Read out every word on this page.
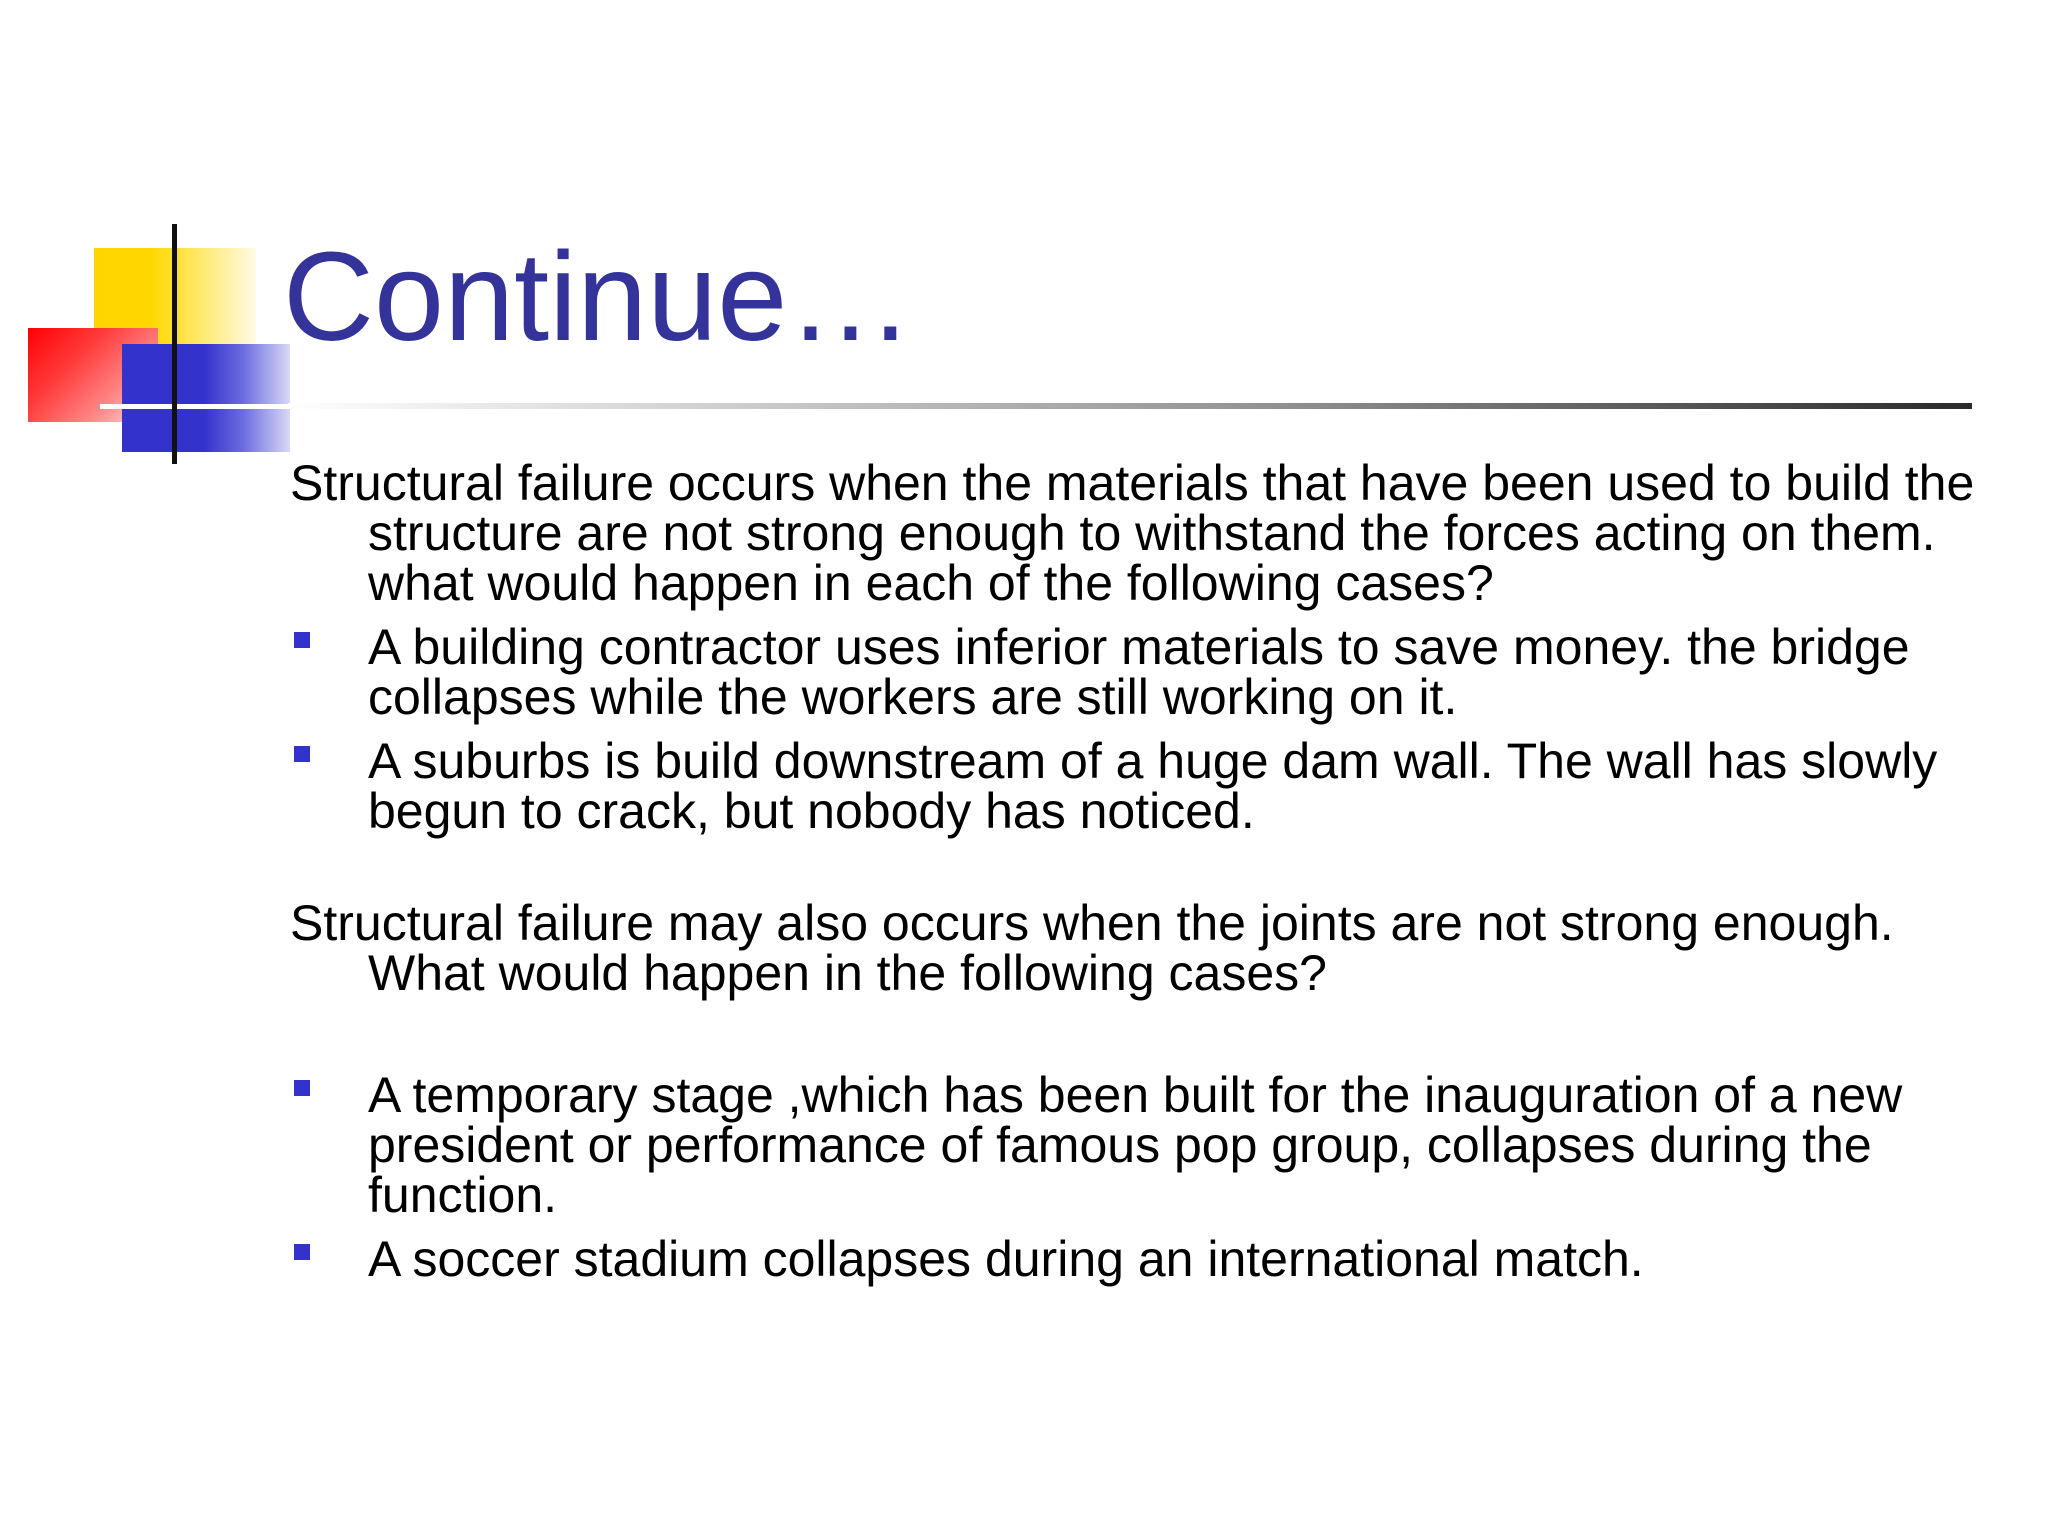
Continue…
Structural failure occurs when the materials that have been used to build the structure are not strong enough to withstand the forces acting on them. what would happen in each of the following cases?
A building contractor uses inferior materials to save money. the bridge collapses while the workers are still working on it.
A suburbs is build downstream of a huge dam wall. The wall has slowly begun to crack, but nobody has noticed.
Structural failure may also occurs when the joints are not strong enough. What would happen in the following cases?
A temporary stage ,which has been built for the inauguration of a new president or performance of famous pop group, collapses during the function.
A soccer stadium collapses during an international match.
